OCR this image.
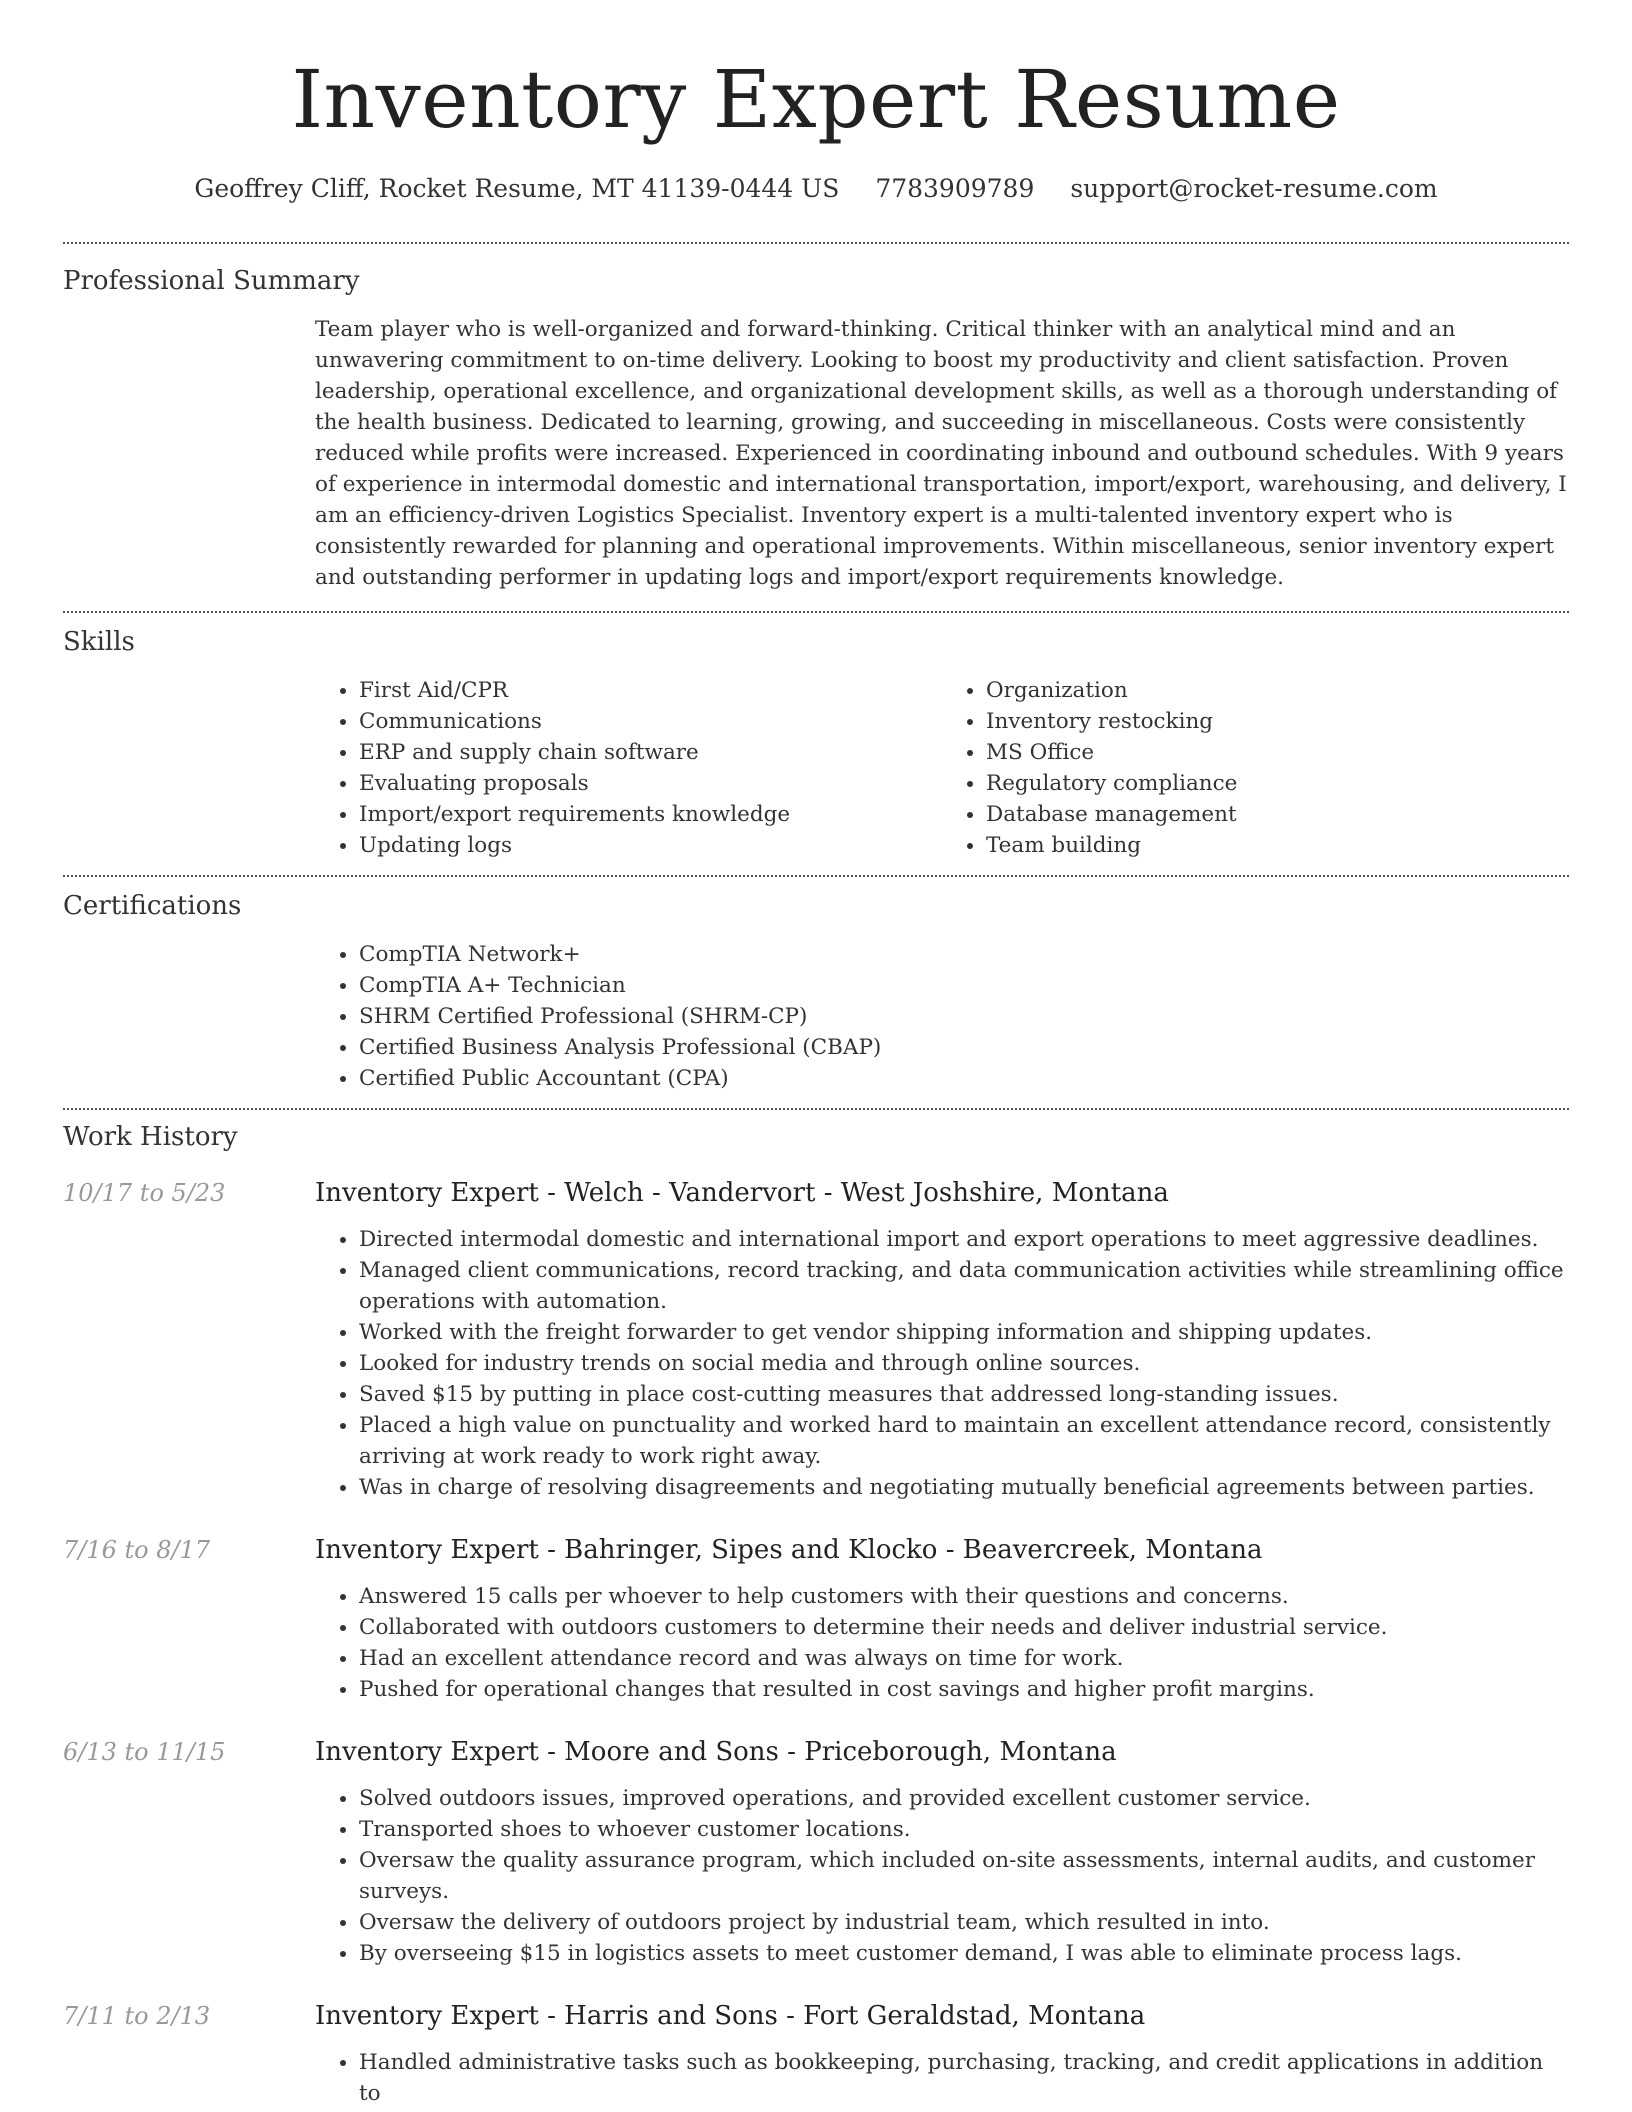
Inventory Expert Resume
Geoffrey Cliff, Rocket Resume, MT 41139-0444 US 7783909789 support@rocket-resume.com
Professional Summary

Team player who is well-organized and forward-thinking. Critical thinker with an analytical mind and an unwavering commitment to on-time delivery. Looking to boost my productivity and client satisfaction. Proven leadership, operational excellence, and organizational development skills, as well as a thorough understanding of the health business. Dedicated to learning, growing, and succeeding in miscellaneous. Costs were consistently reduced while profits were increased. Experienced in coordinating inbound and outbound schedules. With 9 years of experience in intermodal domestic and international transportation, import/export, warehousing, and delivery, I am an efficiency-driven Logistics Specialist. Inventory expert is a multi-talented inventory expert who is consistently rewarded for planning and operational improvements. Within miscellaneous, senior inventory expert and outstanding performer in updating logs and import/export requirements knowledge.

Skills
• First Aid/CPR
• Communications
• ERP and supply chain software
• Evaluating proposals
• Import/export requirements knowledge
• Updating logs
• Organization
• Inventory restocking
• MS Office
• Regulatory compliance
• Database management
• Team building
Certifications
• CompTIA Network+
• CompTIA A+ Technician
• SHRM Certified Professional (SHRM-CP)
• Certified Business Analysis Professional (CBAP)
• Certified Public Accountant (CPA)
Work History
10/17 to 5/23	Inventory Expert - Welch - Vandervort - West Joshshire, Montana
• Directed intermodal domestic and international import and export operations to meet aggressive deadlines.
• Managed client communications, record tracking, and data communication activities while streamlining office operations with automation.
• Worked with the freight forwarder to get vendor shipping information and shipping updates.
• Looked for industry trends on social media and through online sources.
• Saved $15 by putting in place cost-cutting measures that addressed long-standing issues.
• Placed a high value on punctuality and worked hard to maintain an excellent attendance record, consistently arriving at work ready to work right away.
• Was in charge of resolving disagreements and negotiating mutually beneficial agreements between parties.
7/16 to 8/17	Inventory Expert - Bahringer, Sipes and Klocko - Beavercreek, Montana
• Answered 15 calls per whoever to help customers with their questions and concerns.
• Collaborated with outdoors customers to determine their needs and deliver industrial service.
• Had an excellent attendance record and was always on time for work.
• Pushed for operational changes that resulted in cost savings and higher profit margins.
6/13 to 11/15	Inventory Expert - Moore and Sons - Priceborough, Montana
• Solved outdoors issues, improved operations, and provided excellent customer service.
• Transported shoes to whoever customer locations.
• Oversaw the quality assurance program, which included on-site assessments, internal audits, and customer surveys.
• Oversaw the delivery of outdoors project by industrial team, which resulted in into.
• By overseeing $15 in logistics assets to meet customer demand, I was able to eliminate process lags.
7/11 to 2/13	Inventory Expert - Harris and Sons - Fort Geraldstad, Montana
• Handled administrative tasks such as bookkeeping, purchasing, tracking, and credit applications in addition to
